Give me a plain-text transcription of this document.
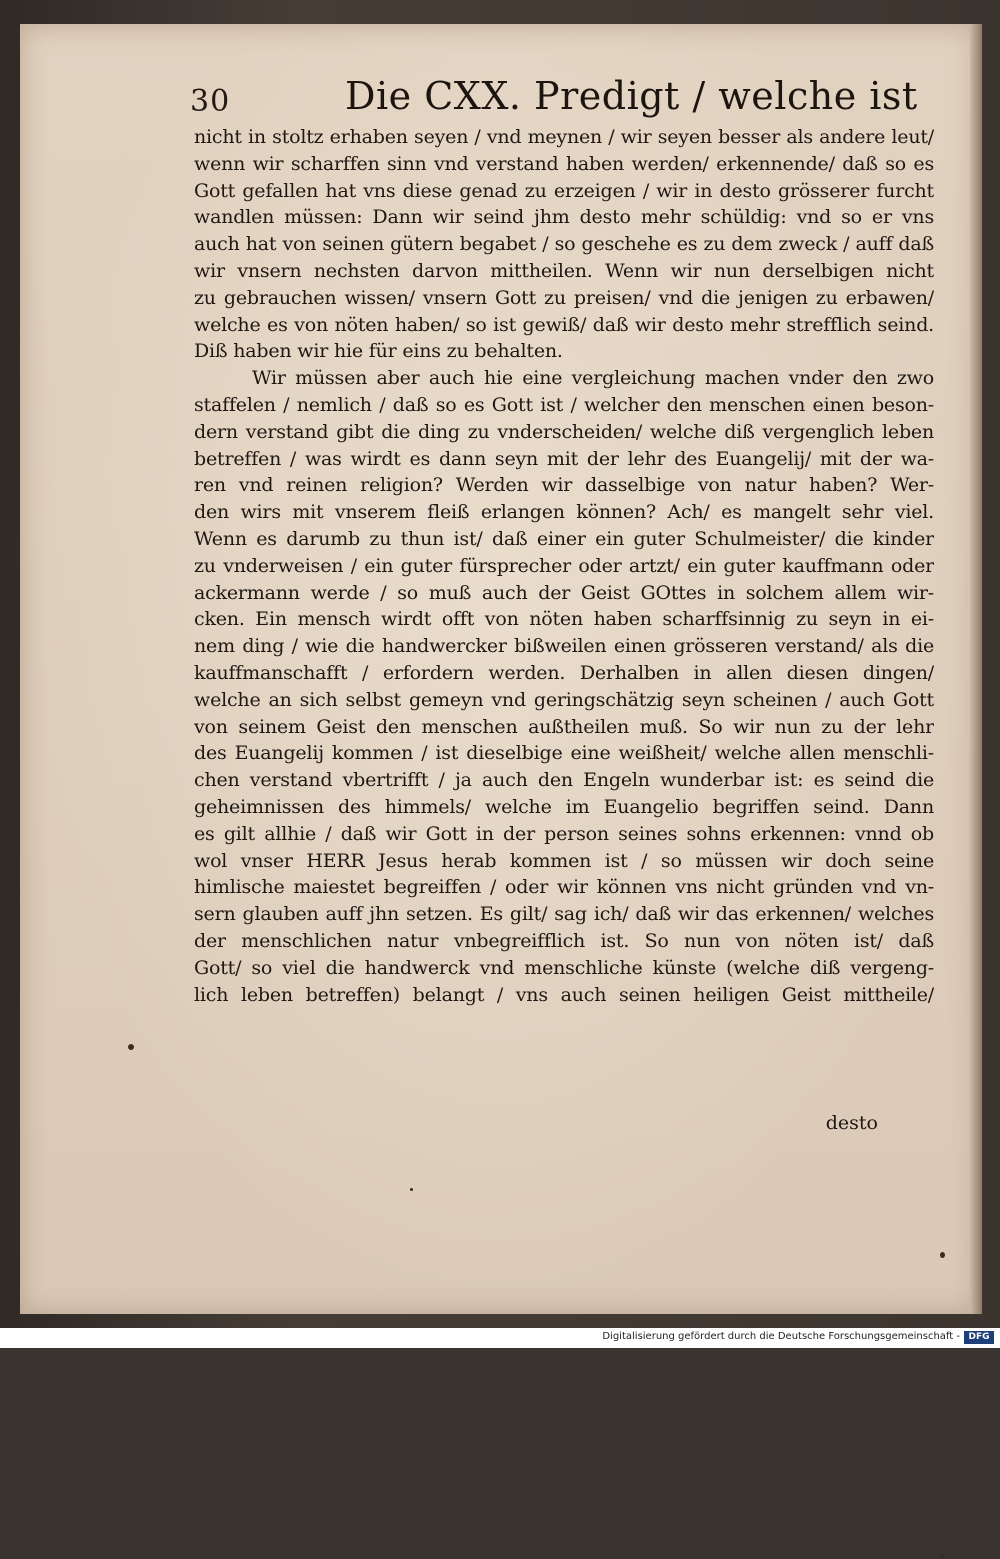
30	Die CXX. Predigt / welche ist
nicht in stoltz erhaben seyen / vnd meynen / wir seyen besser als andere leut/
wenn wir scharffen sinn vnd verstand haben werden/ erkennende/ daß so es
Gott gefallen hat vns diese genad zu erzeigen / wir in desto grösserer furcht
wandlen müssen: Dann wir seind jhm desto mehr schüldig: vnd so er vns
auch hat von seinen gütern begabet / so geschehe es zu dem zweck / auff daß
wir vnsern nechsten darvon mittheilen. Wenn wir nun derselbigen nicht
zu gebrauchen wissen/ vnsern Gott zu preisen/ vnd die jenigen zu erbawen/
welche es von nöten haben/ so ist gewiß/ daß wir desto mehr strefflich seind.
Diß haben wir hie für eins zu behalten.
Wir müssen aber auch hie eine vergleichung machen vnder den zwo
staffelen / nemlich / daß so es Gott ist / welcher den menschen einen beson-
dern verstand gibt die ding zu vnderscheiden/ welche diß vergenglich leben
betreffen / was wirdt es dann seyn mit der lehr des Euangelij/ mit der wa-
ren vnd reinen religion? Werden wir dasselbige von natur haben? Wer-
den wirs mit vnserem fleiß erlangen können? Ach/ es mangelt sehr viel.
Wenn es darumb zu thun ist/ daß einer ein guter Schulmeister/ die kinder
zu vnderweisen / ein guter fürsprecher oder artzt/ ein guter kauffmann oder
ackermann werde / so muß auch der Geist GOttes in solchem allem wir-
cken. Ein mensch wirdt offt von nöten haben scharffsinnig zu seyn in ei-
nem ding / wie die handwercker bißweilen einen grösseren verstand/ als die
kauffmanschafft / erfordern werden. Derhalben in allen diesen dingen/
welche an sich selbst gemeyn vnd geringschätzig seyn scheinen / auch Gott
von seinem Geist den menschen außtheilen muß. So wir nun zu der lehr
des Euangelij kommen / ist dieselbige eine weißheit/ welche allen menschli-
chen verstand vbertrifft / ja auch den Engeln wunderbar ist: es seind die
geheimnissen des himmels/ welche im Euangelio begriffen seind. Dann
es gilt allhie / daß wir Gott in der person seines sohns erkennen: vnnd ob
wol vnser HERR Jesus herab kommen ist / so müssen wir doch seine
himlische maiestet begreiffen / oder wir können vns nicht gründen vnd vn-
sern glauben auff jhn setzen. Es gilt/ sag ich/ daß wir das erkennen/ welches
der menschlichen natur vnbegreifflich ist. So nun von nöten ist/ daß
Gott/ so viel die handwerck vnd menschliche künste (welche diß vergeng-
lich leben betreffen) belangt / vns auch seinen heiligen Geist mittheile/
desto
Digitalisierung gefördert durch die Deutsche Forschungsgemeinschaft - DFG
